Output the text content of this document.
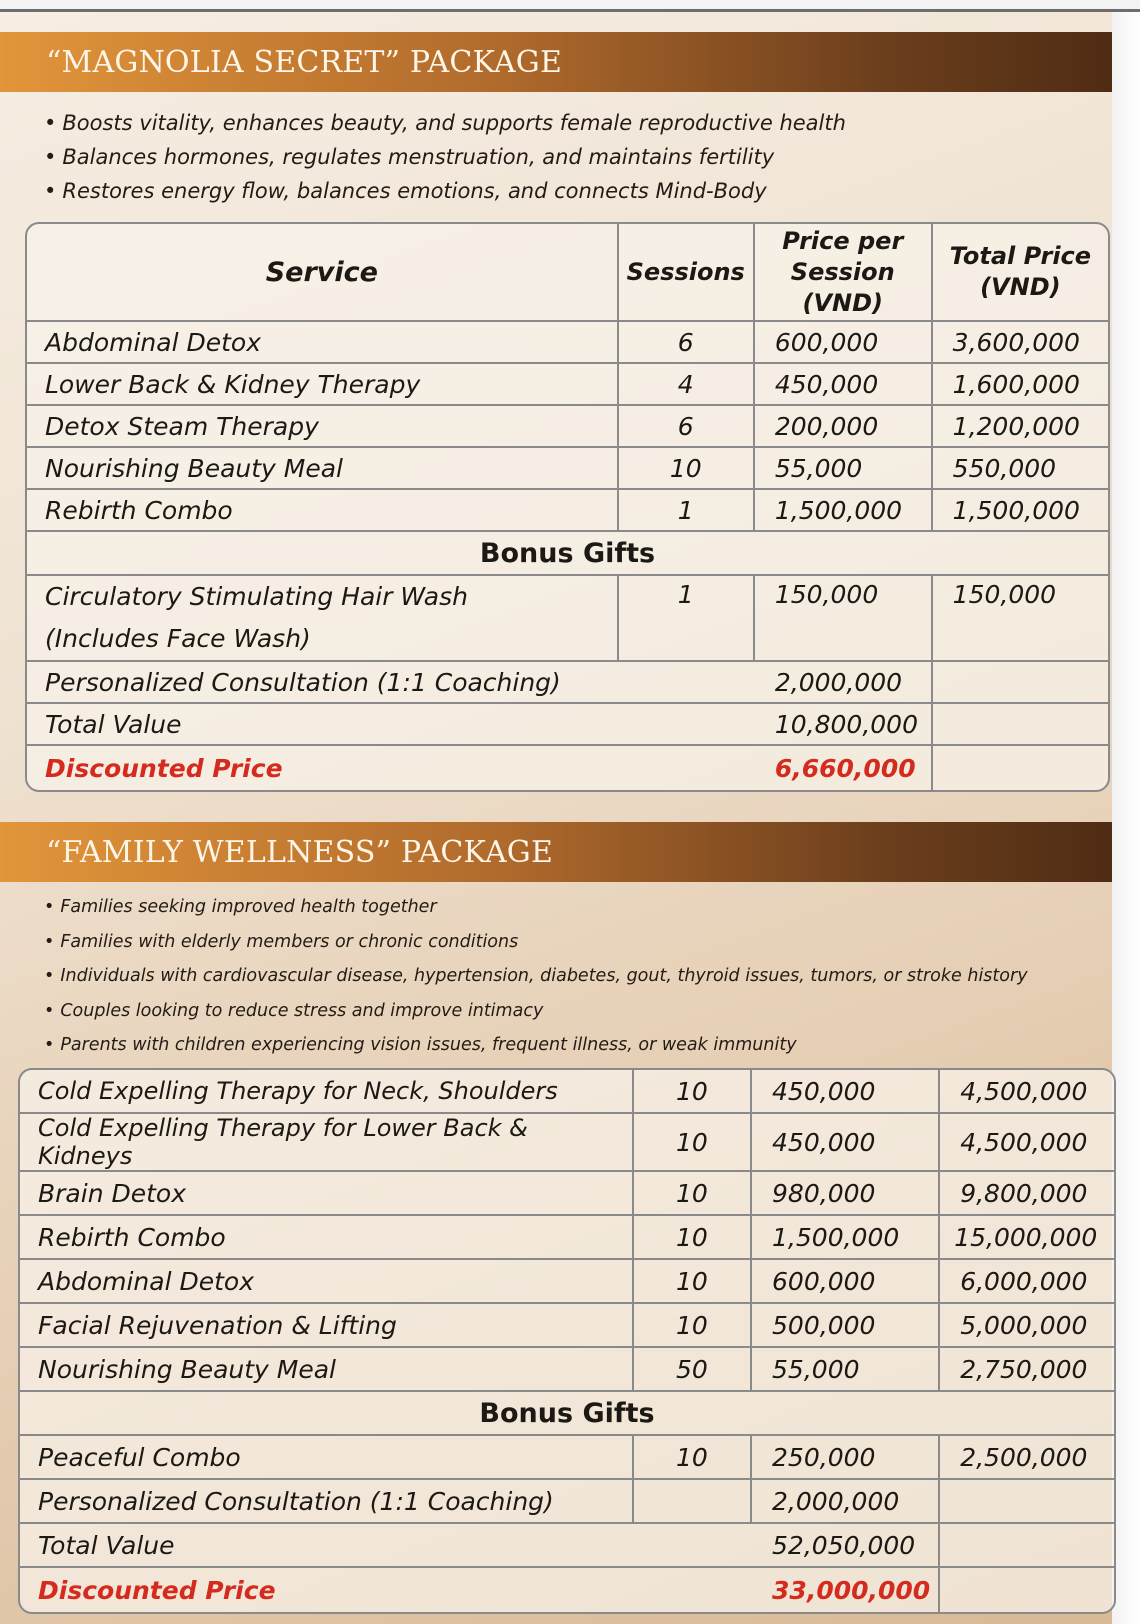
“MAGNOLIA SECRET” PACKAGE
• Boosts vitality, enhances beauty, and supports female reproductive health
• Balances hormones, regulates menstruation, and maintains fertility
• Restores energy flow, balances emotions, and connects Mind-Body
Service	Sessions	Price per Session (VND)	Total Price (VND)
Abdominal Detox	6	600,000	3,600,000
Lower Back & Kidney Therapy	4	450,000	1,600,000
Detox Steam Therapy	6	200,000	1,200,000
Nourishing Beauty Meal	10	55,000	550,000
Rebirth Combo	1	1,500,000	1,500,000
Bonus Gifts			

Circulatory Stimulating Hair Wash
(Includes Face Wash)	1	150,000	150,000
Personalized Consultation (1:1 Coaching)		2,000,000	
Total Value		10,800,000	
Discounted Price		6,660,000	
“FAMILY WELLNESS” PACKAGE
• Families seeking improved health together
• Families with elderly members or chronic conditions
• Individuals with cardiovascular disease, hypertension, diabetes, gout, thyroid issues, tumors, or stroke history
• Couples looking to reduce stress and improve intimacy
• Parents with children experiencing vision issues, frequent illness, or weak immunity
Cold Expelling Therapy for Neck, Shoulders	10	450,000	4,500,000
Cold Expelling Therapy for Lower Back & Kidneys	10	450,000	4,500,000
Brain Detox	10	980,000	9,800,000
Rebirth Combo	10	1,500,000	15,000,000
Abdominal Detox	10	600,000	6,000,000
Facial Rejuvenation & Lifting	10	500,000	5,000,000
Nourishing Beauty Meal	50	55,000	2,750,000
Bonus Gifts			
Peaceful Combo	10	250,000	2,500,000
Personalized Consultation (1:1 Coaching)		2,000,000	
Total Value		52,050,000	
Discounted Price		33,000,000	
